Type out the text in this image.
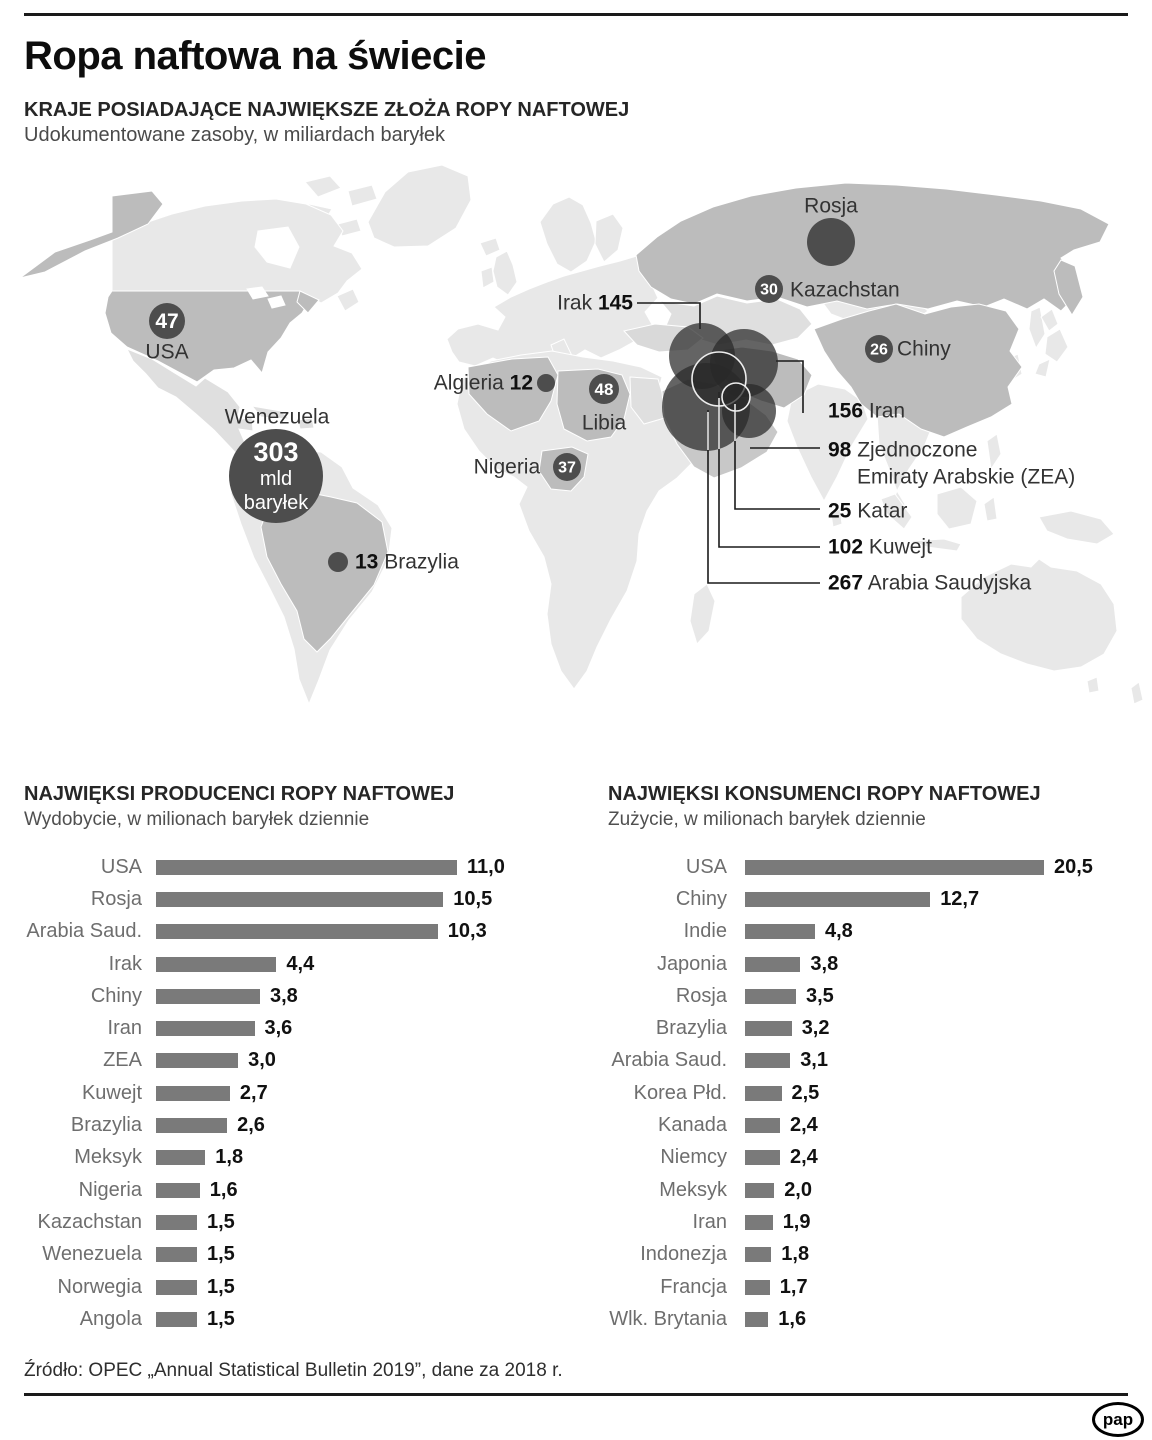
Ropa naftowa na świecie
KRAJE POSIADAJĄCE NAJWIĘKSZE ZŁOŻA ROPY NAFTOWEJ

Udokumentowane zasoby, w miliardach baryłek

47
303
mld
baryłek
48
37
30
26
Rosja
Kazachstan
Chiny
Irak 145
Algieria 12
Libia
Nigeria
USA
Wenezuela
13 Brazylia
156 Iran
98 Zjednoczone
Emiraty Arabskie (ZEA)
25 Katar
102 Kuwejt
267 Arabia Saudyjska
NAJWIĘKSI PRODUCENCI ROPY NAFTOWEJ

Wydobycie, w milionach baryłek dziennie

USA	11,0
Rosja	10,5
Arabia Saud.	10,3
Irak	4,4
Chiny	3,8
Iran	3,6
ZEA	3,0
Kuwejt	2,7
Brazylia	2,6
Meksyk	1,8
Nigeria	1,6
Kazachstan	1,5
Wenezuela	1,5
Norwegia	1,5
Angola	1,5
NAJWIĘKSI KONSUMENCI ROPY NAFTOWEJ

Zużycie, w milionach baryłek dziennie

USA	20,5
Chiny	12,7
Indie	4,8
Japonia	3,8
Rosja	3,5
Brazylia	3,2
Arabia Saud.	3,1
Korea Płd.	2,5
Kanada	2,4
Niemcy	2,4
Meksyk	2,0
Iran	1,9
Indonezja	1,8
Francja	1,7
Wlk. Brytania	1,6

Źródło: OPEC „Annual Statistical Bulletin 2019”, dane za 2018 r.

pap
